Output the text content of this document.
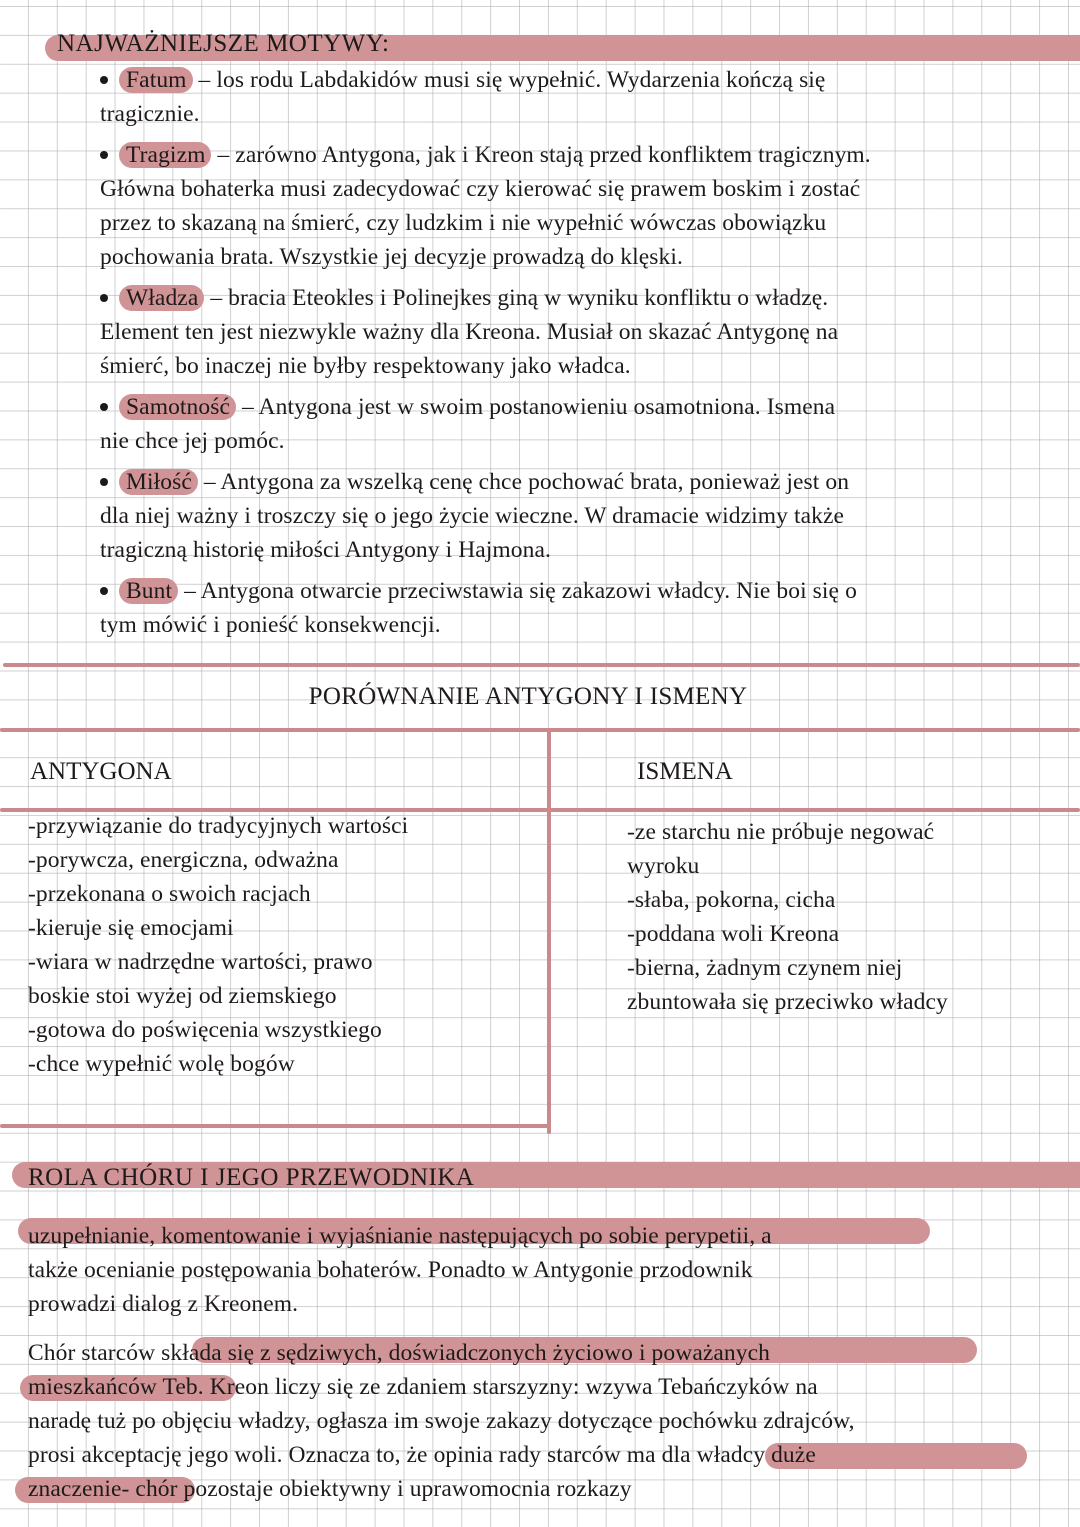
NAJWAŻNIEJSZE MOTYWY:
Fatum – los rodu Labdakidów musi się wypełnić. Wydarzenia kończą się
tragicznie.
Tragizm – zarówno Antygona, jak i Kreon stają przed konfliktem tragicznym.
Główna bohaterka musi zadecydować czy kierować się prawem boskim i zostać
przez to skazaną na śmierć, czy ludzkim i nie wypełnić wówczas obowiązku
pochowania brata. Wszystkie jej decyzje prowadzą do klęski.
Władza – bracia Eteokles i Polinejkes giną w wyniku konfliktu o władzę.
Element ten jest niezwykle ważny dla Kreona. Musiał on skazać Antygonę na
śmierć, bo inaczej nie byłby respektowany jako władca.
Samotność – Antygona jest w swoim postanowieniu osamotniona. Ismena
nie chce jej pomóc.
Miłość – Antygona za wszelką cenę chce pochować brata, ponieważ jest on
dla niej ważny i troszczy się o jego życie wieczne. W dramacie widzimy także
tragiczną historię miłości Antygony i Hajmona.
Bunt – Antygona otwarcie przeciwstawia się zakazowi władcy. Nie boi się o
tym mówić i ponieść konsekwencji.
PORÓWNANIE ANTYGONY I ISMENY
ANTYGONA	ISMENA
-przywiązanie do tradycyjnych wartości
-porywcza, energiczna, odważna
-przekonana o swoich racjach
-kieruje się emocjami
-wiara w nadrzędne wartości, prawo
boskie stoi wyżej od ziemskiego
-gotowa do poświęcenia wszystkiego
-chce wypełnić wolę bogów
-ze starchu nie próbuje negować
wyroku
-słaba, pokorna, cicha
-poddana woli Kreona
-bierna, żadnym czynem niej
zbuntowała się przeciwko władcy
ROLA CHÓRU I JEGO PRZEWODNIKA
uzupełnianie, komentowanie i wyjaśnianie następujących po sobie perypetii, a
także ocenianie postępowania bohaterów. Ponadto w Antygonie przodownik
prowadzi dialog z Kreonem.
Chór starców składa się z sędziwych, doświadczonych życiowo i poważanych
mieszkańców Teb. Kreon liczy się ze zdaniem starszyzny: wzywa Tebańczyków na
naradę tuż po objęciu władzy, ogłasza im swoje zakazy dotyczące pochówku zdrajców,
prosi akceptację jego woli. Oznacza to, że opinia rady starców ma dla władcy duże
znaczenie- chór pozostaje obiektywny i uprawomocnia rozkazy
